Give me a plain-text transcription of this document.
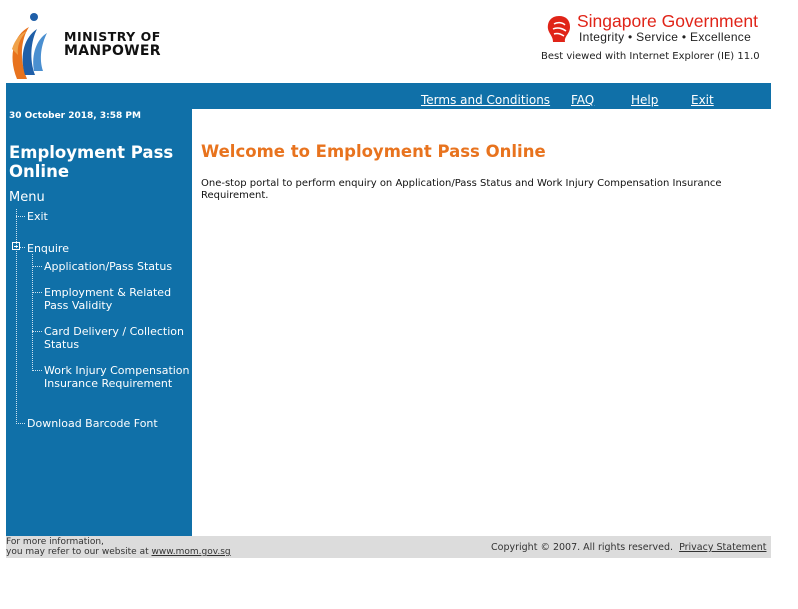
MINISTRY OF
MANPOWER
Singapore Government
Integrity • Service • Excellence
Best viewed with Internet Explorer (IE) 11.0
Terms and Conditions FAQ	Help	Exit
30 October 2018, 3:58 PM
Employment Pass Online
Menu
Exit
Enquire
Application/Pass Status
Employment & Related Pass Validity
Card Delivery / Collection Status
Work Injury Compensation Insurance Requirement
Download Barcode Font
Welcome to Employment Pass Online
One-stop portal to perform enquiry on Application/Pass Status and Work Injury Compensation Insurance Requirement.
For more information,
you may refer to our website at www.mom.gov.sg	Copyright © 2007. All rights reserved. Privacy Statement
